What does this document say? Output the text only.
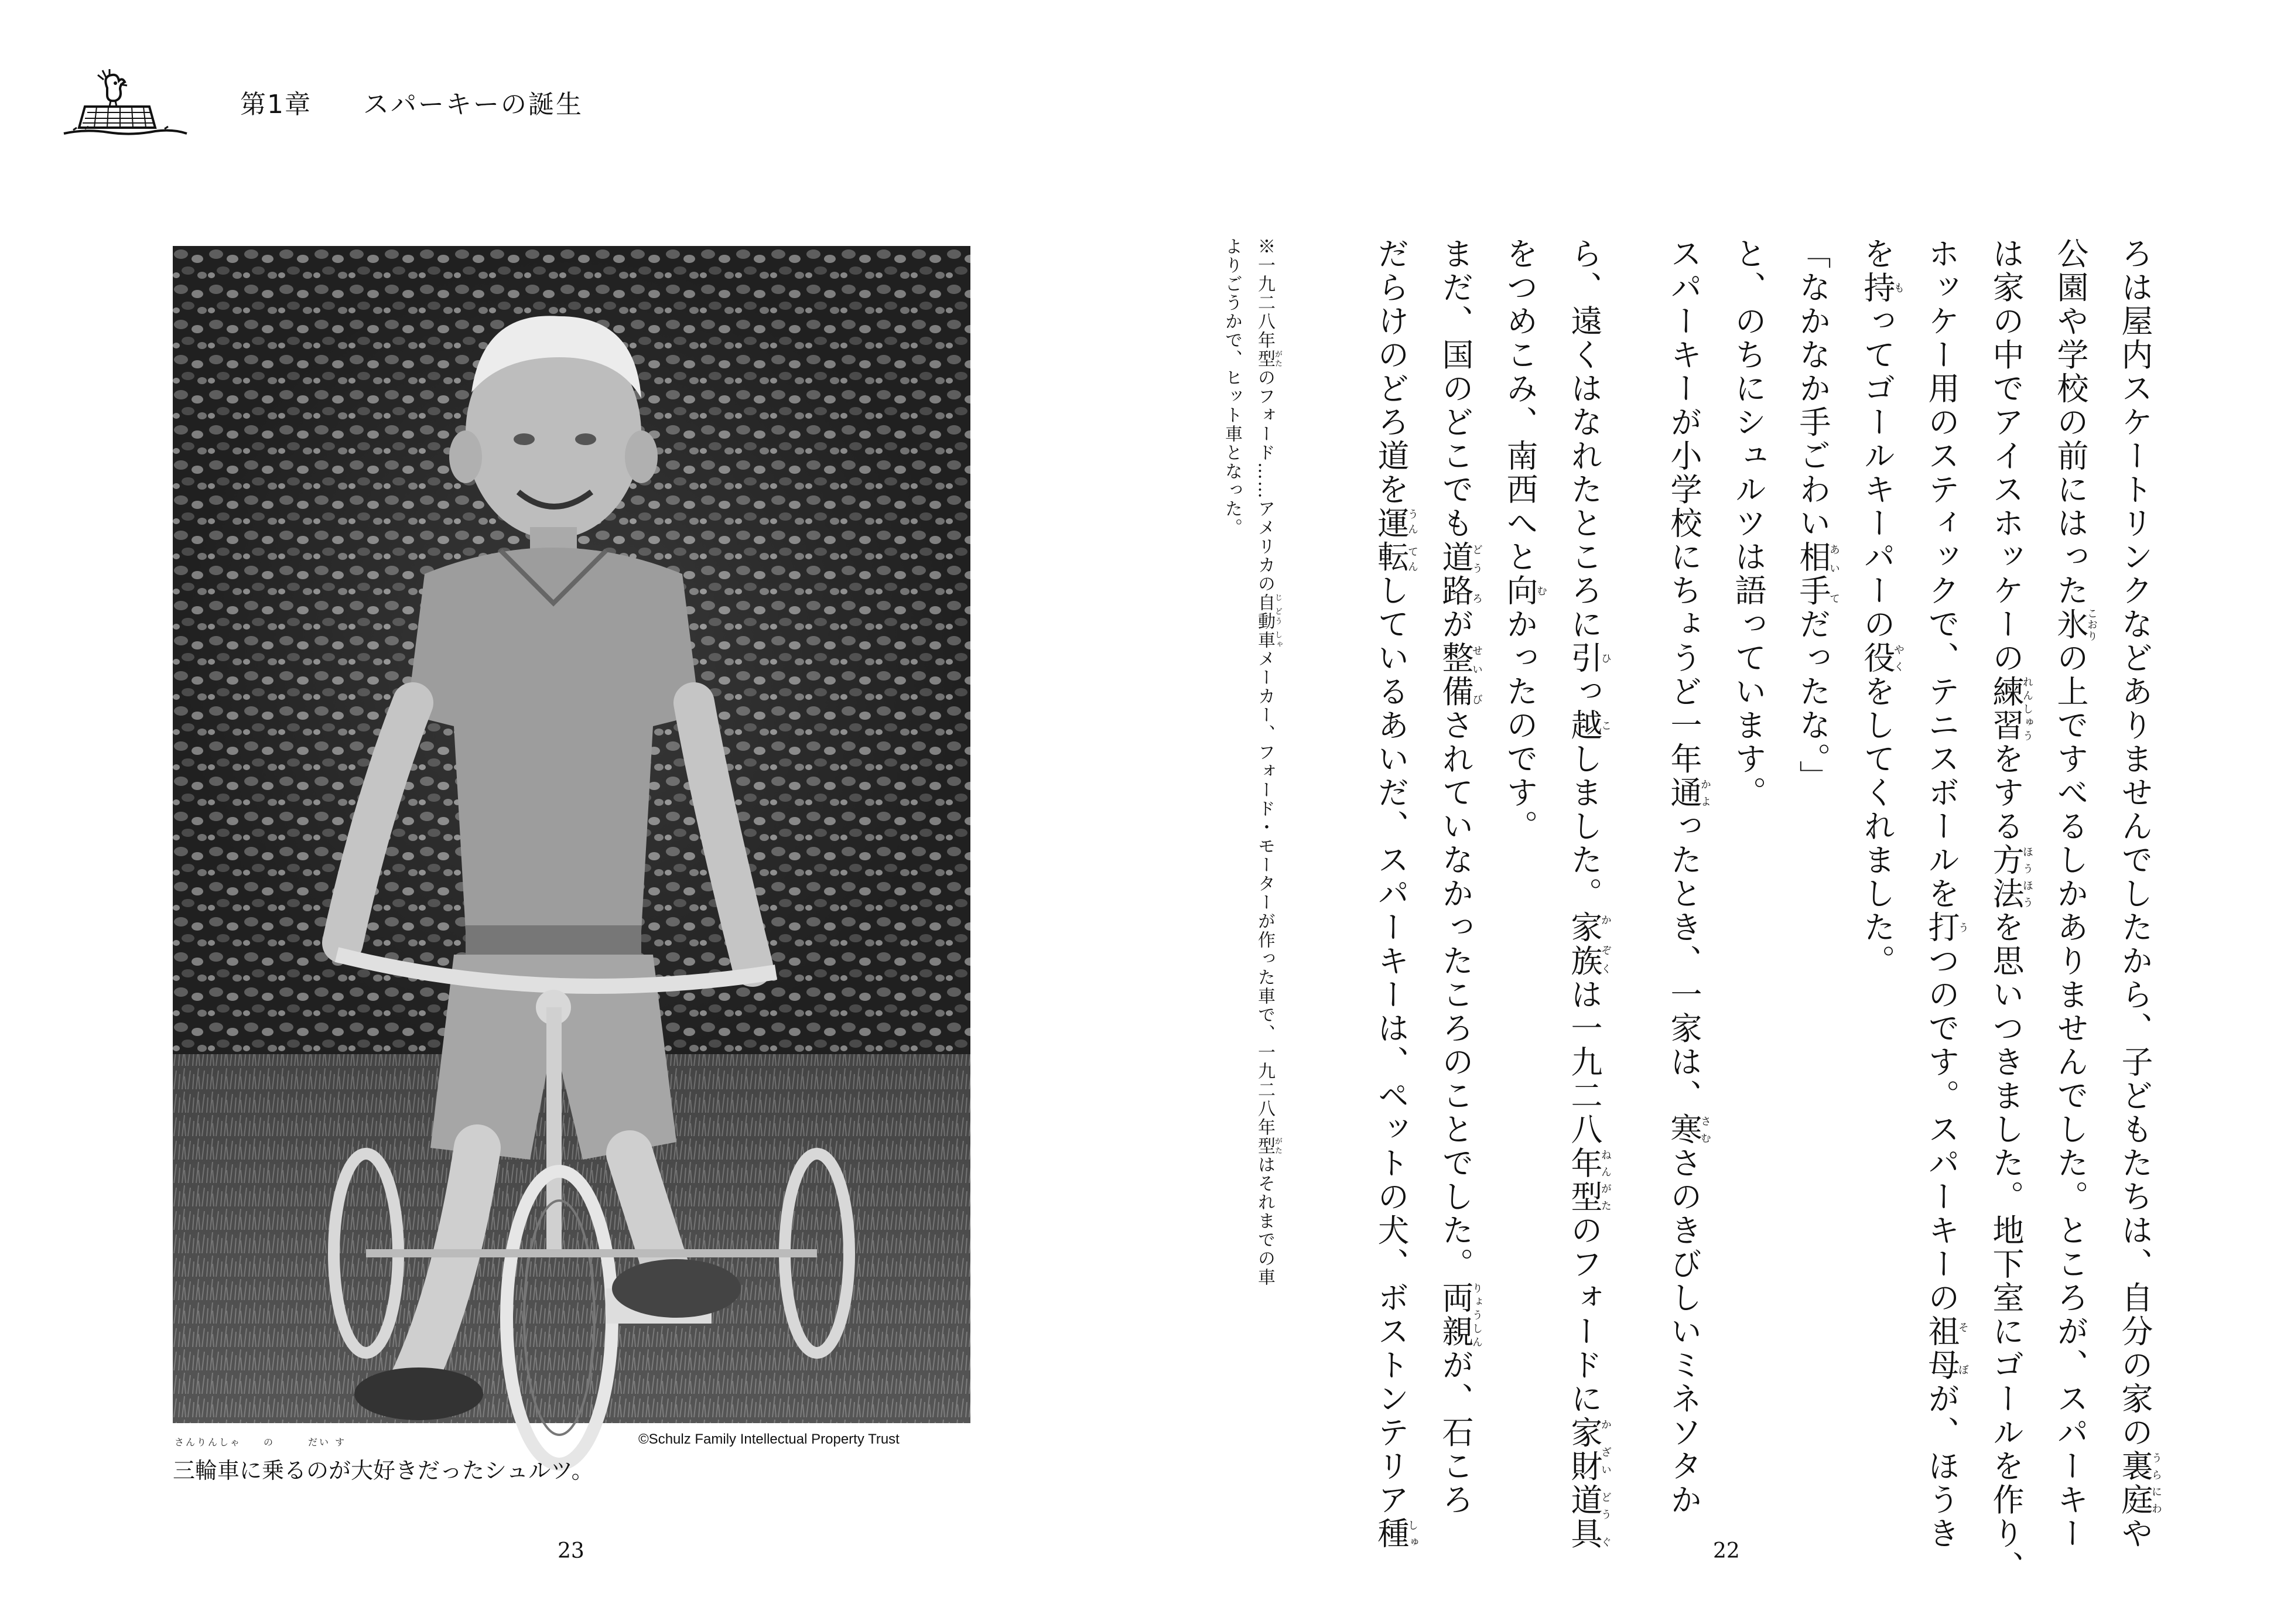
第1章 スパーキーの誕生
さんりんしゃ　　の　　　だい す
三輪車に乗るのが大好きだったシュルツ。
©Schulz Family Intellectual Property Trust
23	22

ろは屋内スケートリンクなどありませんでしたから、子どもたちは、自分の家の裏庭うらにわや

公園や学校の前にはった氷こおりの上ですべるしかありませんでした。ところが、スパーキー

は家の中でアイスホッケーの練習れんしゅうをする方法ほうほうを思いつきました。地下室にゴールを作り、

ホッケー用のスティックで、テニスボールを打うつのです。スパーキーの祖母そ ぼが、ほうき

を持もってゴールキーパーの役やくをしてくれました。

「なかなか手ごわい相手あい てだったな。」

と、のちにシュルツは語っています。

スパーキーが小学校にちょうど一年通かよったとき、一家は、寒さむさのきびしいミネソタか

ら、遠くはなれたところに引ひっ越こしました。家族か ぞくは一九二八年型ねんがたのフォードに家財道具か ざい どう ぐ

をつめこみ、南西へと向むかったのです。

まだ、国のどこでも道路どう ろが整備せい びされていなかったころのことでした。両親りょうしんが、石ころ

だらけのどろ道を運転うん てんしているあいだ、スパーキーは、ペットの犬、ボストンテリア種しゅ

※一九二八年型がたのフォード……アメリカの自動車じ どう しゃメーカー、フォード・モーターが作った車で、一九二八年型がたはそれまでの車

よりごうかで、ヒット車となった。
